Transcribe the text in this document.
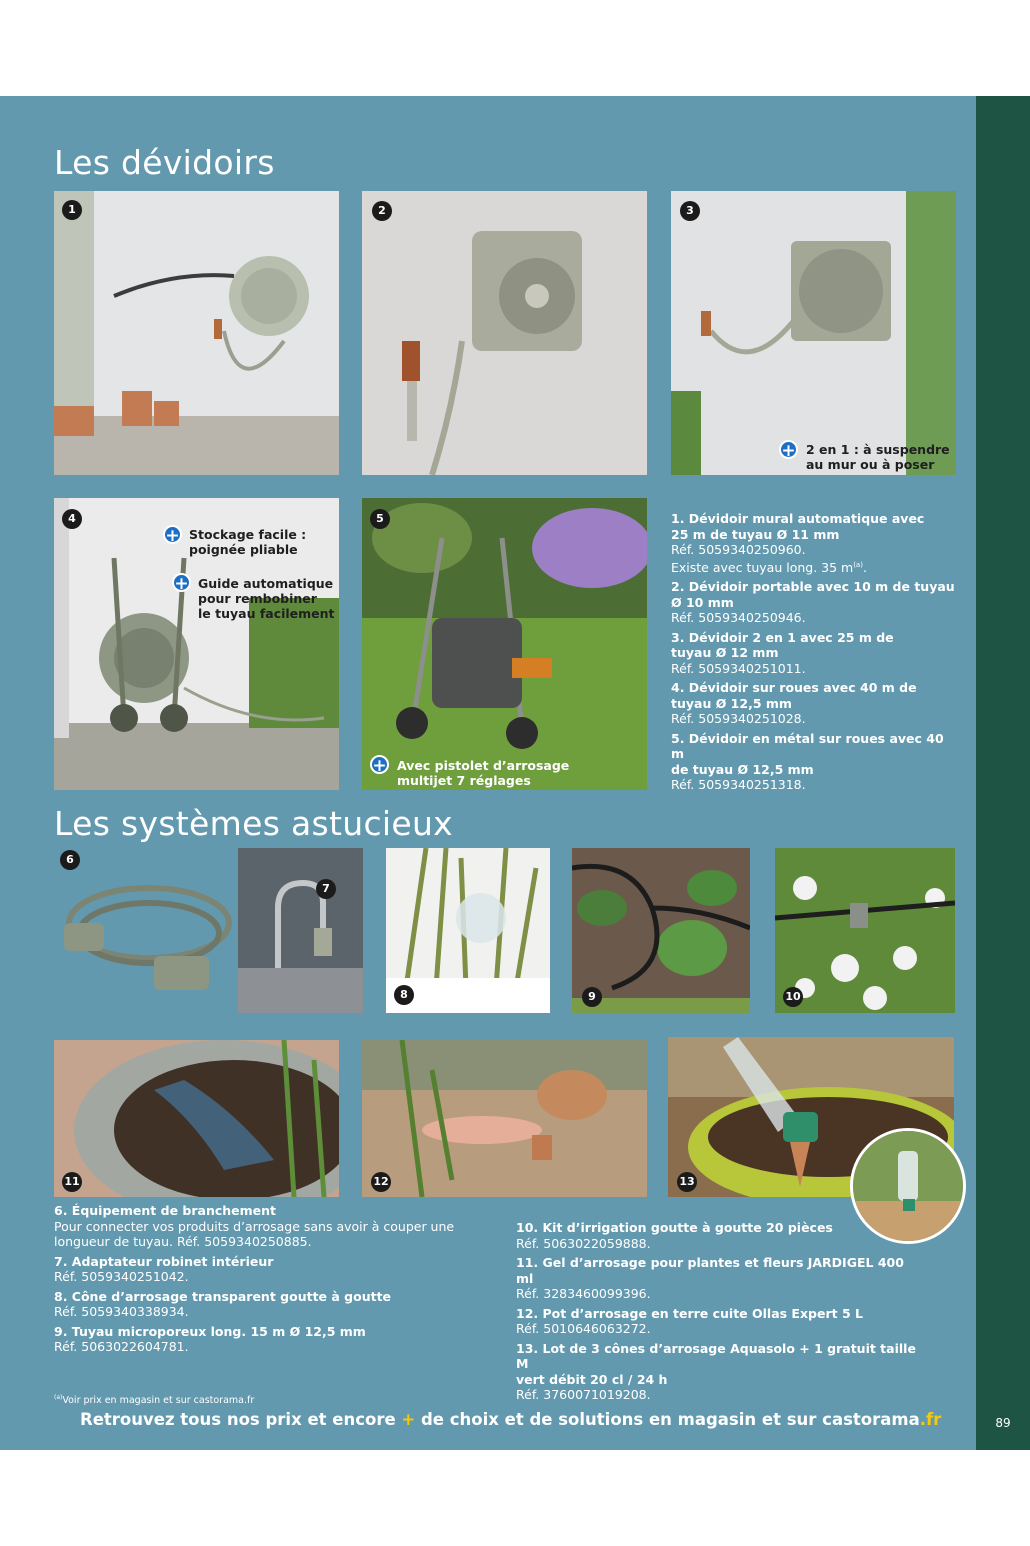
89
Les dévidoirs
1	2	3
+ 2 en 1 : à suspendre
au mur ou à poser
4
+ Stockage facile :
poignée pliable
+ Guide automatique
pour rembobiner
le tuyau facilement
5
+ Avec pistolet d’arrosage
multijet 7 réglages
1. Dévidoir mural automatique avec
25 m de tuyau Ø 11 mm
Réf. 5059340250960.
Existe avec tuyau long. 35 $m^{(a)}$.
2. Dévidoir portable avec 10 m de tuyau
Ø 10 mm
Réf. 5059340250946.
3. Dévidoir 2 en 1 avec 25 m de
tuyau Ø 12 mm
Réf. 5059340251011.
4. Dévidoir sur roues avec 40 m de
tuyau Ø 12,5 mm
Réf. 5059340251028.
5. Dévidoir en métal sur roues avec 40 m
de tuyau Ø 12,5 mm
Réf. 5059340251318.
Les systèmes astucieux
6
7
8	9	10
11	12	13
6. Équipement de branchement
Pour connecter vos produits d’arrosage sans avoir à couper une
longueur de tuyau. Réf. 5059340250885.
7. Adaptateur robinet intérieur
Réf. 5059340251042.
8. Cône d’arrosage transparent goutte à goutte
Réf. 5059340338934.
9. Tuyau microporeux long. 15 m Ø 12,5 mm
Réf. 5063022604781.
10. Kit d’irrigation goutte à goutte 20 pièces
Réf. 5063022059888.
11. Gel d’arrosage pour plantes et fleurs JARDIGEL 400 ml
Réf. 3283460099396.
12. Pot d’arrosage en terre cuite Ollas Expert 5 L
Réf. 5010646063272.
13. Lot de 3 cônes d’arrosage Aquasolo + 1 gratuit taille M
vert débit 20 cl / 24 h
Réf. 3760071019208.
$^{(a)}$Voir prix en magasin et sur castorama.fr
Retrouvez tous nos prix et encore + de choix et de solutions en magasin et sur castorama.fr
